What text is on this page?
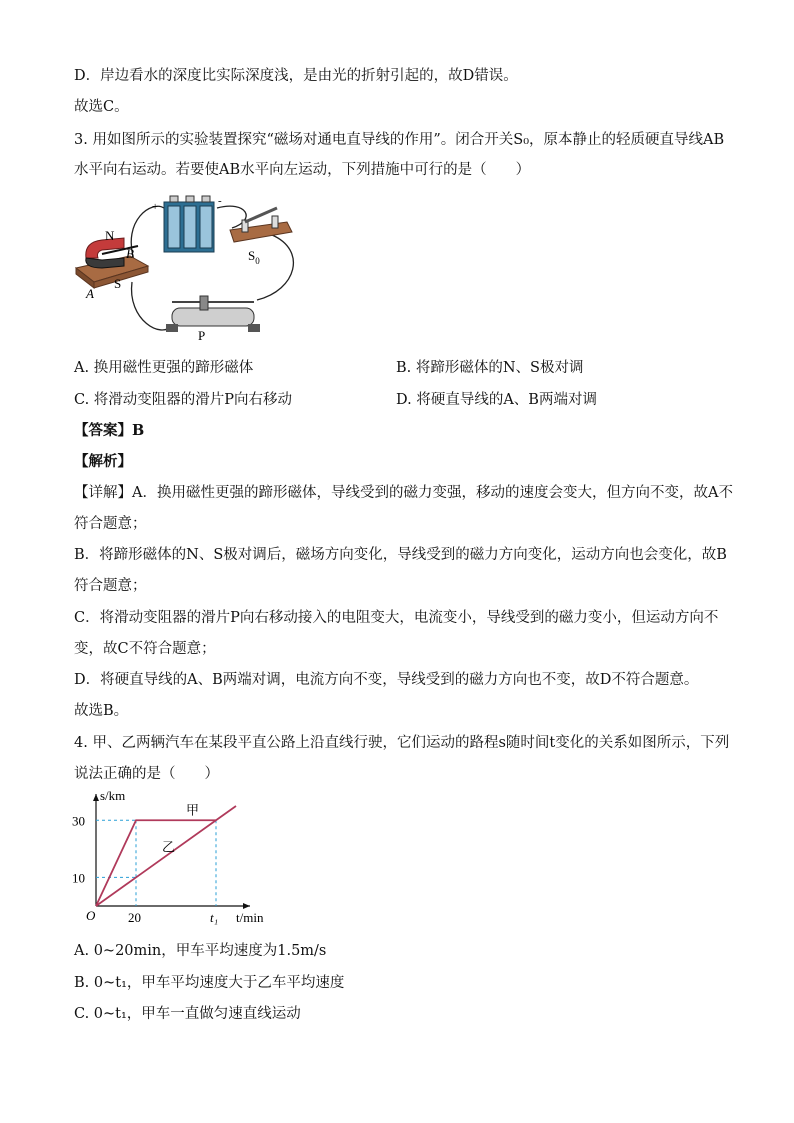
D．岸边看水的深度比实际深度浅，是由光的折射引起的，故D错误。
故选C。
3. 用如图所示的实验装置探究“磁场对通电直导线的作用”。闭合开关S₀，原本静止的轻质硬直导线AB
水平向右运动。若要使AB水平向左运动，下列措施中可行的是（　　）
+	-
$S_0$
N
B
S
A
P
A. 换用磁性更强的蹄形磁体	B. 将蹄形磁体的N、S极对调
C. 将滑动变阻器的滑片P向右移动	D. 将硬直导线的A、B两端对调
【答案】B
【解析】
【详解】A．换用磁性更强的蹄形磁体，导线受到的磁力变强，移动的速度会变大，但方向不变，故A不
符合题意；
B．将蹄形磁体的N、S极对调后，磁场方向变化，导线受到的磁力方向变化，运动方向也会变化，故B
符合题意；
C．将滑动变阻器的滑片P向右移动接入的电阻变大，电流变小，导线受到的磁力变小，但运动方向不
变，故C不符合题意；
D．将硬直导线的A、B两端对调，电流方向不变，导线受到的磁力方向也不变，故D不符合题意。
故选B。
4. 甲、乙两辆汽车在某段平直公路上沿直线行驶，它们运动的路程s随时间t变化的关系如图所示，下列
说法正确的是（　　）
甲
乙
s/km
t/min
O
10
30
20	t₁
A. 0~20min，甲车平均速度为1.5m/s
B. 0~t₁，甲车平均速度大于乙车平均速度
C. 0~t₁，甲车一直做匀速直线运动
